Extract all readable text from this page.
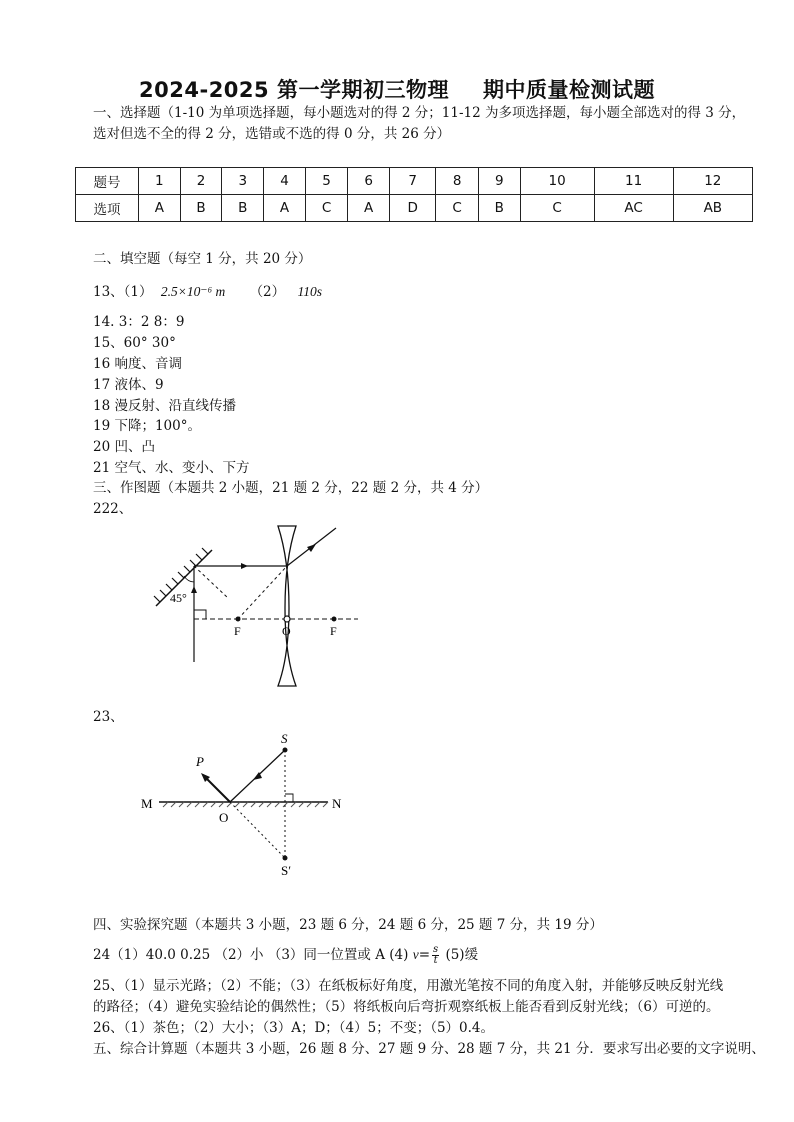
2024-2025 第一学期初三物理 期中质量检测试题
一、选择题（1-10 为单项选择题，每小题选对的得 2 分；11-12 为多项选择题，每小题全部选对的得 3 分，
选对但选不全的得 2 分，选错或不选的得 0 分，共 26 分）
题号	1	2	3	4	5	6	7	8	9	10	11	12
选项	A	B	B	A	C	A	D	C	B	C	AC	AB
二、填空题（每空 1 分，共 20 分）
13、（1） 2.5×10⁻⁶ m （2） 110s
14. 3：2 8：9
15、60° 30°
16 响度、音调
17 液体、9
18 漫反射、沿直线传播
19 下降；100°。
20 凹、凸
21 空气、水、变小、下方
三、作图题（本题共 2 小题，21 题 2 分，22 题 2 分，共 4 分）
222、
45°
F	O	F
23、
P
S
M
O
N
S′
四、实验探究题（本题共 3 小题，23 题 6 分，24 题 6 分，25 题 7 分，共 19 分）
24（1）40.0 0.25 （2）小 （3）同一位置或 A (4) $v= \frac{s}{t} (5)$缓
25、（1）显示光路；（2）不能；（3）在纸板标好角度，用激光笔按不同的角度入射，并能够反映反射光线
的路径；（4）避免实验结论的偶然性；（5）将纸板向后弯折观察纸板上能否看到反射光线；（6）可逆的。
26、（1）茶色；（2）大小；（3）A；D；（4）5；不变；（5）0.4。
五、综合计算题（本题共 3 小题，26 题 8 分、27 题 9 分、28 题 7 分，共 21 分．要求写出必要的文字说明、
